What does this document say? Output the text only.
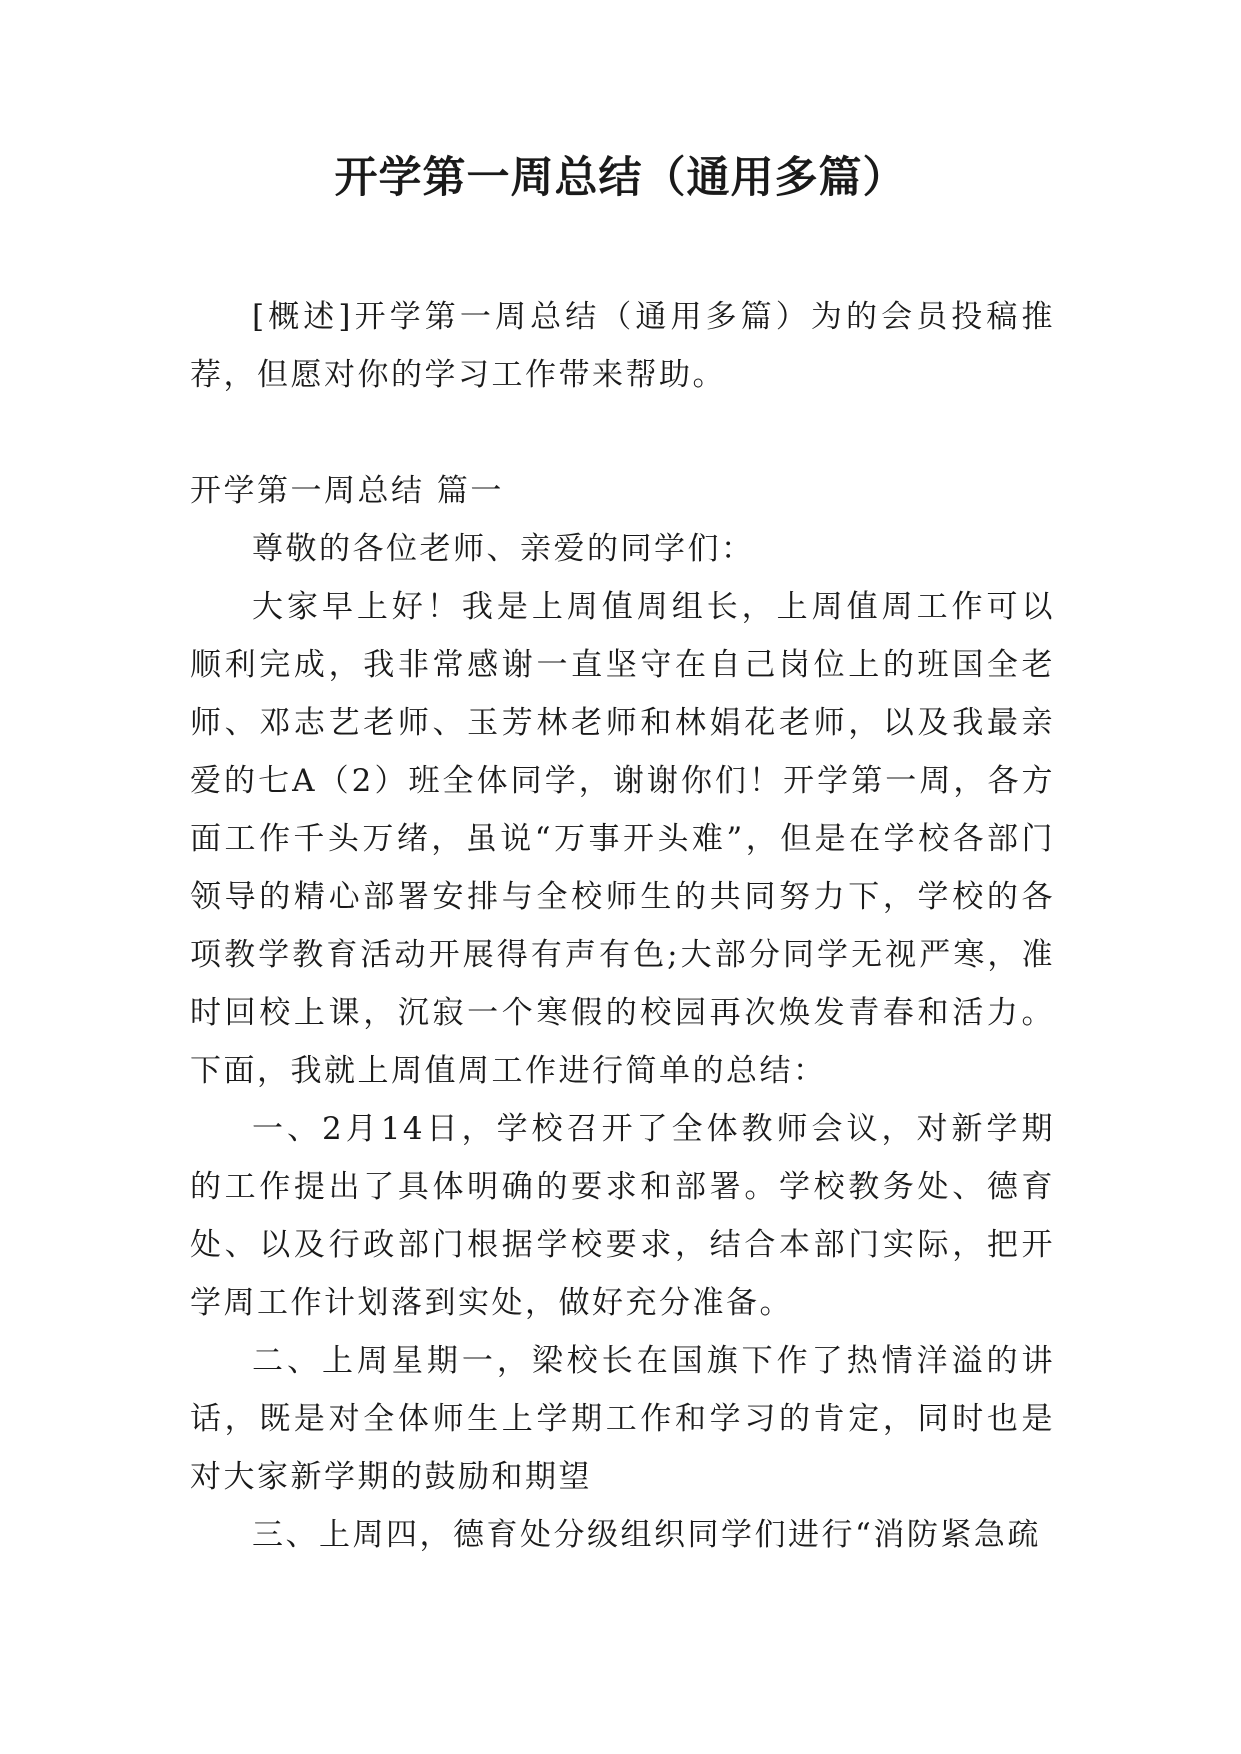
开学第一周总结（通用多篇）

[概述]开学第一周总结（通用多篇）为的会员投稿推荐，但愿对你的学习工作带来帮助。

开学第一周总结 篇一

尊敬的各位老师、亲爱的同学们：

大家早上好！我是上周值周组长，上周值周工作可以顺利完成，我非常感谢一直坚守在自己岗位上的班国全老师、邓志艺老师、玉芳林老师和林娟花老师，以及我最亲爱的七A（2）班全体同学，谢谢你们！开学第一周，各方面工作千头万绪，虽说“万事开头难”，但是在学校各部门领导的精心部署安排与全校师生的共同努力下，学校的各项教学教育活动开展得有声有色;大部分同学无视严寒，准时回校上课，沉寂一个寒假的校园再次焕发青春和活力。下面，我就上周值周工作进行简单的总结：

一、2月14日，学校召开了全体教师会议，对新学期的工作提出了具体明确的要求和部署。学校教务处、德育处、以及行政部门根据学校要求，结合本部门实际，把开学周工作计划落到实处，做好充分准备。

二、上周星期一，梁校长在国旗下作了热情洋溢的讲话，既是对全体师生上学期工作和学习的肯定，同时也是对大家新学期的鼓励和期望

三、上周四，德育处分级组织同学们进行“消防紧急疏
